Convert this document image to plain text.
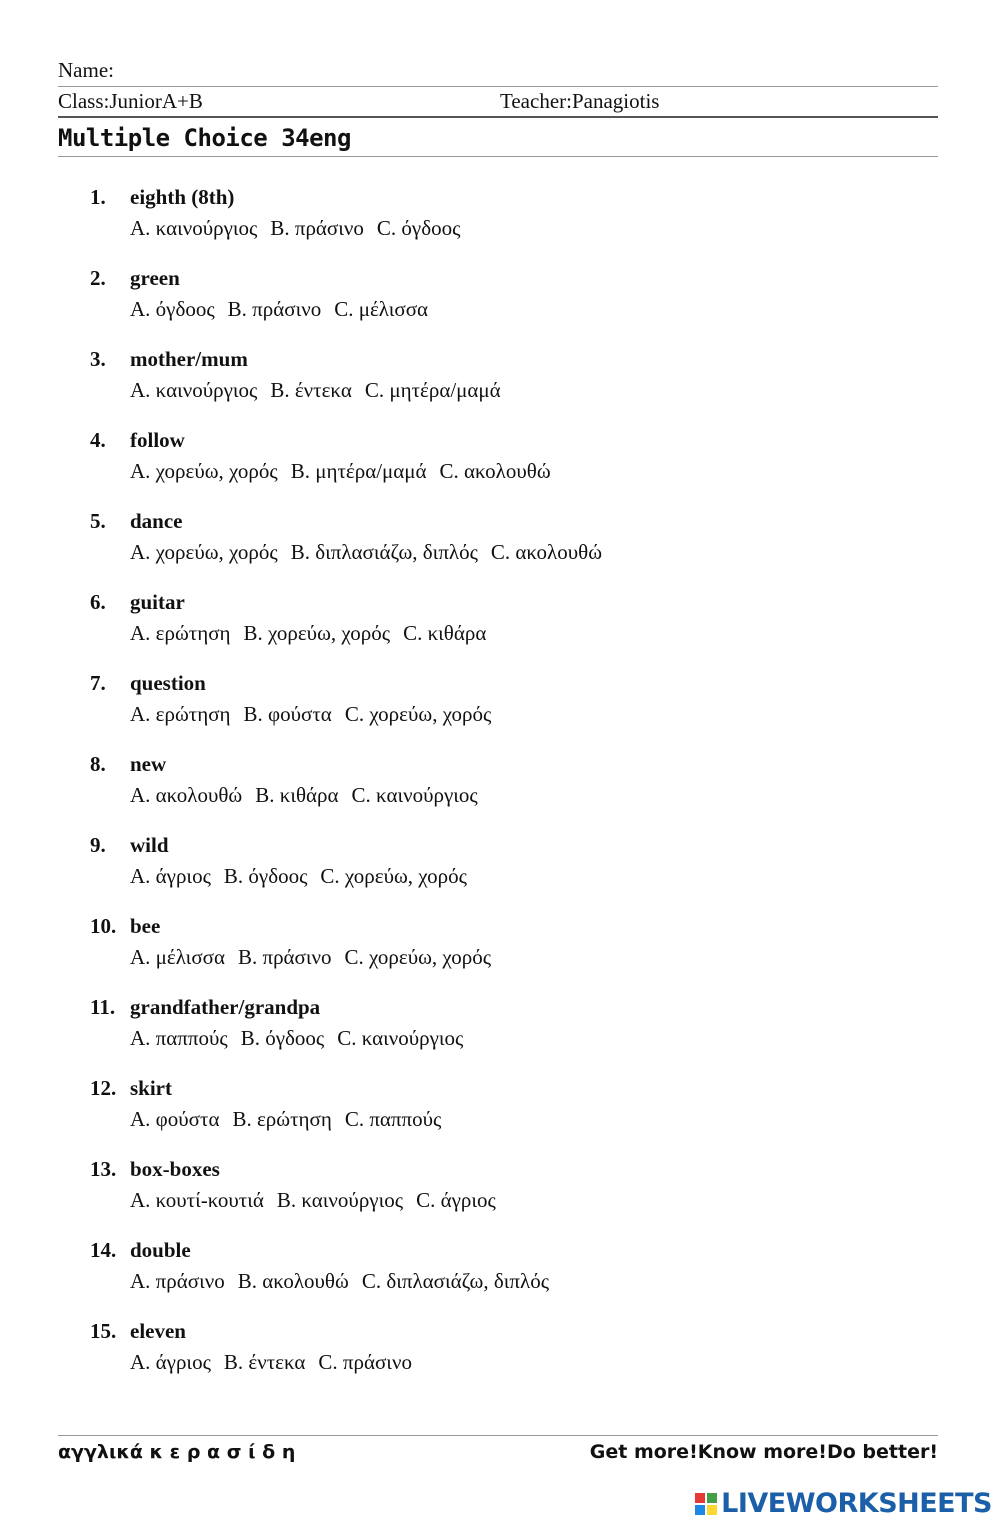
Name:
Class:JuniorA+B	Teacher:Panagiotis
Multiple Choice 34eng
1. eighth (8th)
A. καινούργιος B. πράσινο C. όγδοος
2. green
A. όγδοος B. πράσινο C. μέλισσα
3. mother/mum
A. καινούργιος B. έντεκα C. μητέρα/μαμά
4. follow
A. χορεύω, χορός B. μητέρα/μαμά C. ακολουθώ
5. dance
A. χορεύω, χορός B. διπλασιάζω, διπλός C. ακολουθώ
6. guitar
A. ερώτηση B. χορεύω, χορός C. κιθάρα
7. question
A. ερώτηση B. φούστα C. χορεύω, χορός
8. new
A. ακολουθώ B. κιθάρα C. καινούργιος
9. wild
A. άγριος B. όγδοος C. χορεύω, χορός
10. bee
A. μέλισσα B. πράσινο C. χορεύω, χορός
11. grandfather/grandpa
A. παππούς B. όγδοος C. καινούργιος
12. skirt
A. φούστα B. ερώτηση C. παππούς
13. box-boxes
A. κουτί-κουτιά B. καινούργιος C. άγριος
14. double
A. πράσινο B. ακολουθώ C. διπλασιάζω, διπλός
15. eleven
A. άγριος B. έντεκα C. πράσινο
αγγλικά κ ε ρ α σ ί δ η	Get more!Know more!Do better!
LIVEWORKSHEETS
